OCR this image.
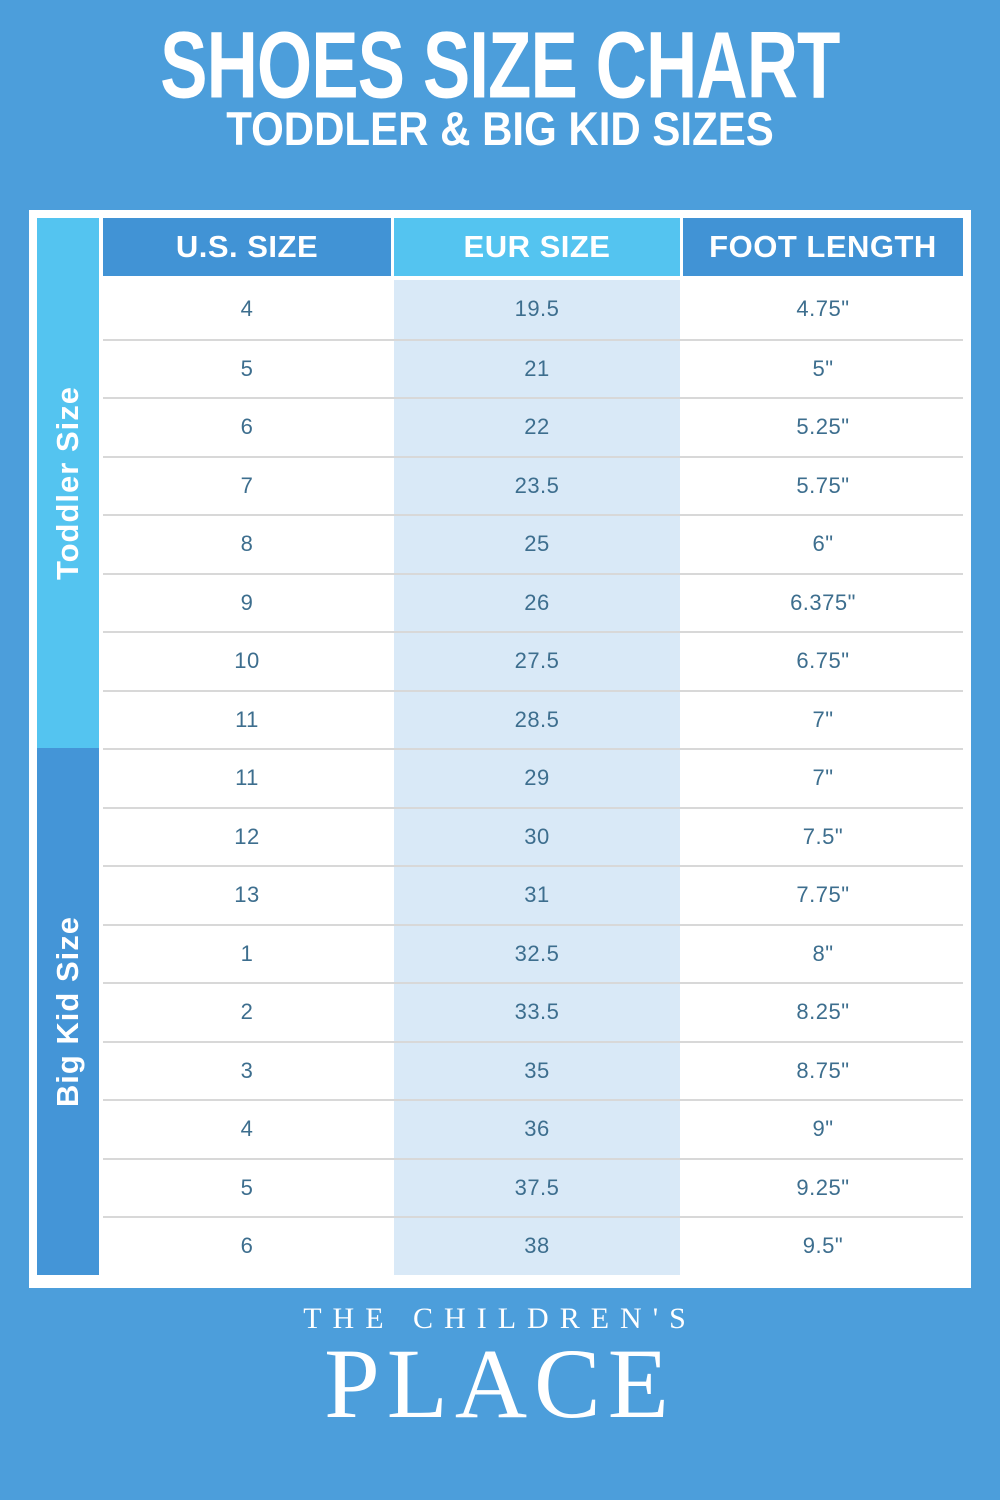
SHOES SIZE CHART
TODDLER & BIG KID SIZES
Toddler Size
Big Kid Size
U.S. SIZE	EUR SIZE	FOOT LENGTH
4	19.5	4.75"
5	21	5"
6	22	5.25"
7	23.5	5.75"
8	25	6"
9	26	6.375"
10	27.5	6.75"
11	28.5	7"
11	29	7"
12	30	7.5"
13	31	7.75"
1	32.5	8"
2	33.5	8.25"
3	35	8.75"
4	36	9"
5	37.5	9.25"
6	38	9.5"
THE CHILDREN'S
PLACE
